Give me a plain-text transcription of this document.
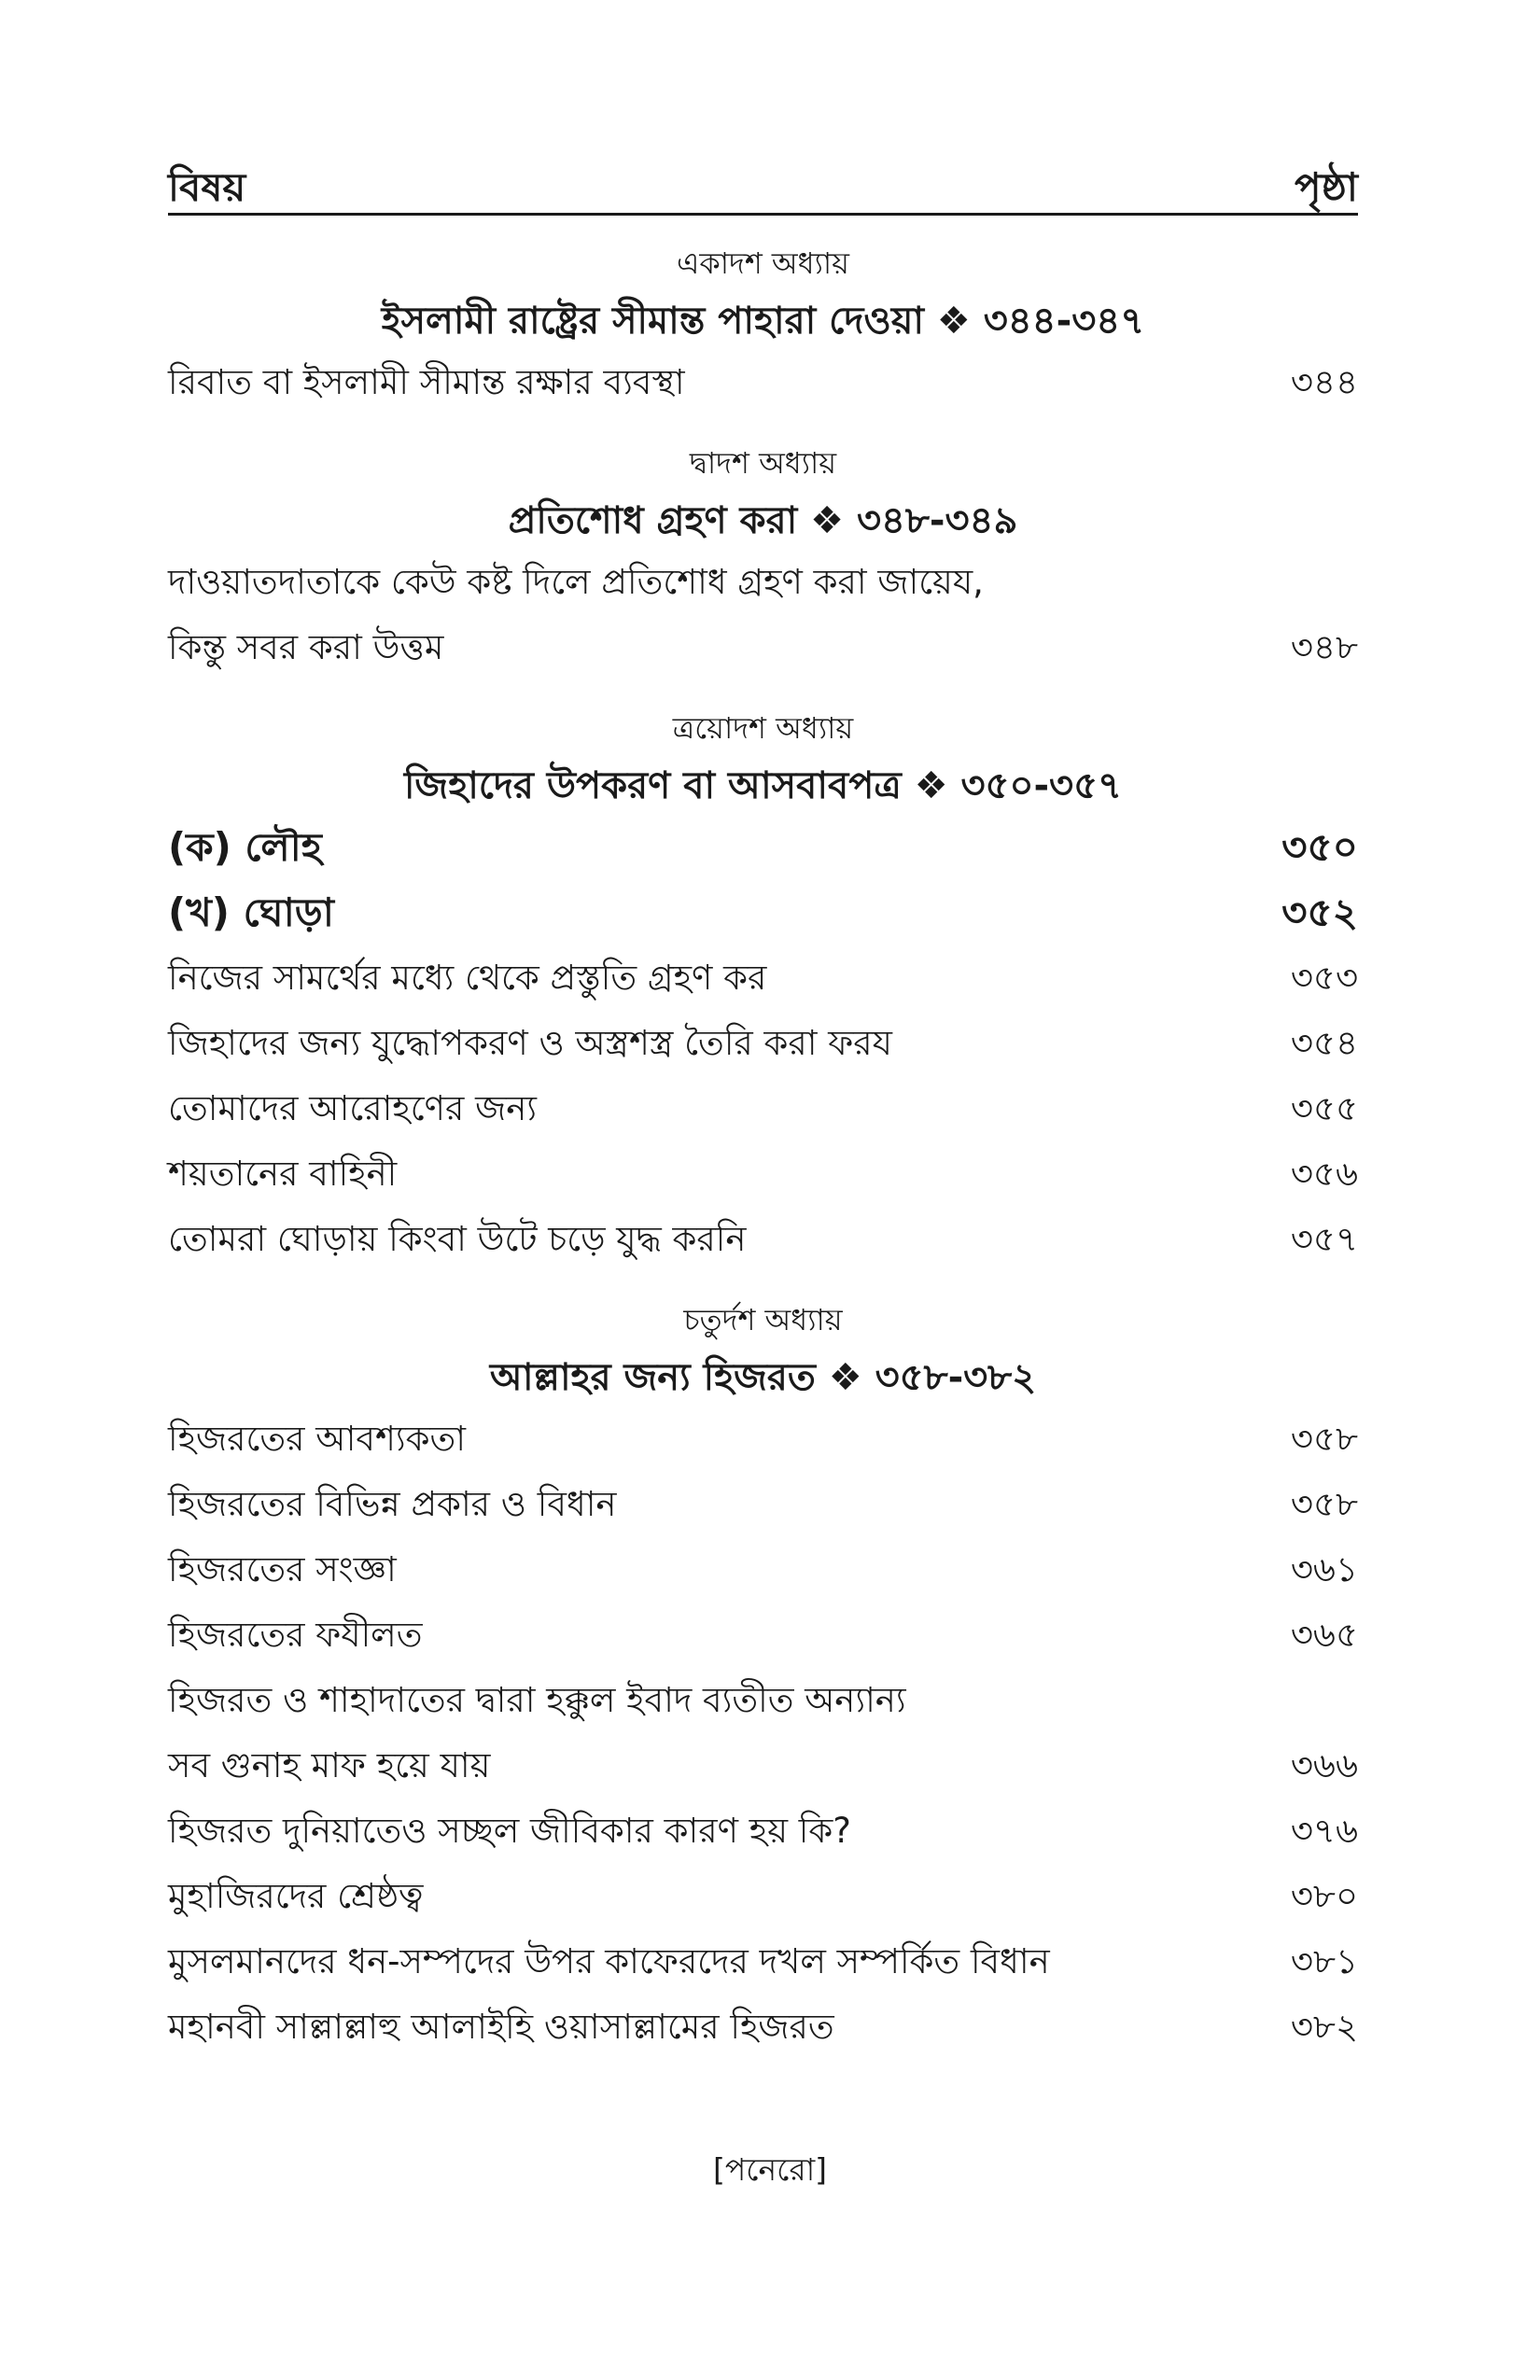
বিষয়	পৃষ্ঠা
একাদশ অধ্যায়
ইসলামী রাষ্ট্রের সীমান্ত পাহারা দেওয়া ❖ ৩৪৪-৩৪৭
রিবাত বা ইসলামী সীমান্ত রক্ষার ব্যবস্থা	৩৪৪
দ্বাদশ অধ্যায়
প্রতিশোধ গ্রহণ করা ❖ ৩৪৮-৩৪৯
দাওয়াতদাতাকে কেউ কষ্ট দিলে প্রতিশোধ গ্রহণ করা জায়েয,
কিন্তু সবর করা উত্তম	৩৪৮
ত্রয়োদশ অধ্যায়
জিহাদের উপকরণ বা আসবাবপত্র ❖ ৩৫০-৩৫৭
(ক) লৌহ	৩৫০
(খ) ঘোড়া	৩৫২
নিজের সামর্থের মধ্যে থেকে প্রস্তুতি গ্রহণ কর	৩৫৩
জিহাদের জন্য যুদ্ধোপকরণ ও অস্ত্রশস্ত্র তৈরি করা ফরয	৩৫৪
তোমাদের আরোহণের জন্য	৩৫৫
শয়তানের বাহিনী	৩৫৬
তোমরা ঘোড়ায় কিংবা উটে চড়ে যুদ্ধ করনি	৩৫৭
চতুর্দশ অধ্যায়
আল্লাহর জন্য হিজরত ❖ ৩৫৮-৩৮২
হিজরতের আবশ্যকতা	৩৫৮
হিজরতের বিভিন্ন প্রকার ও বিধান	৩৫৮
হিজরতের সংজ্ঞা	৩৬১
হিজরতের ফযীলত	৩৬৫
হিজরত ও শাহাদাতের দ্বারা হক্কুল ইবাদ ব্যতীত অন্যান্য
সব গুনাহ মাফ হয়ে যায়	৩৬৬
হিজরত দুনিয়াতেও সচ্ছল জীবিকার কারণ হয় কি?	৩৭৬
মুহাজিরদের শ্রেষ্ঠত্ব	৩৮০
মুসলমানদের ধন-সম্পদের উপর কাফেরদের দখল সম্পর্কিত বিধান	৩৮১
মহানবী সাল্লাল্লাহু আলাইহি ওয়াসাল্লামের হিজরত	৩৮২
[পনেরো]
